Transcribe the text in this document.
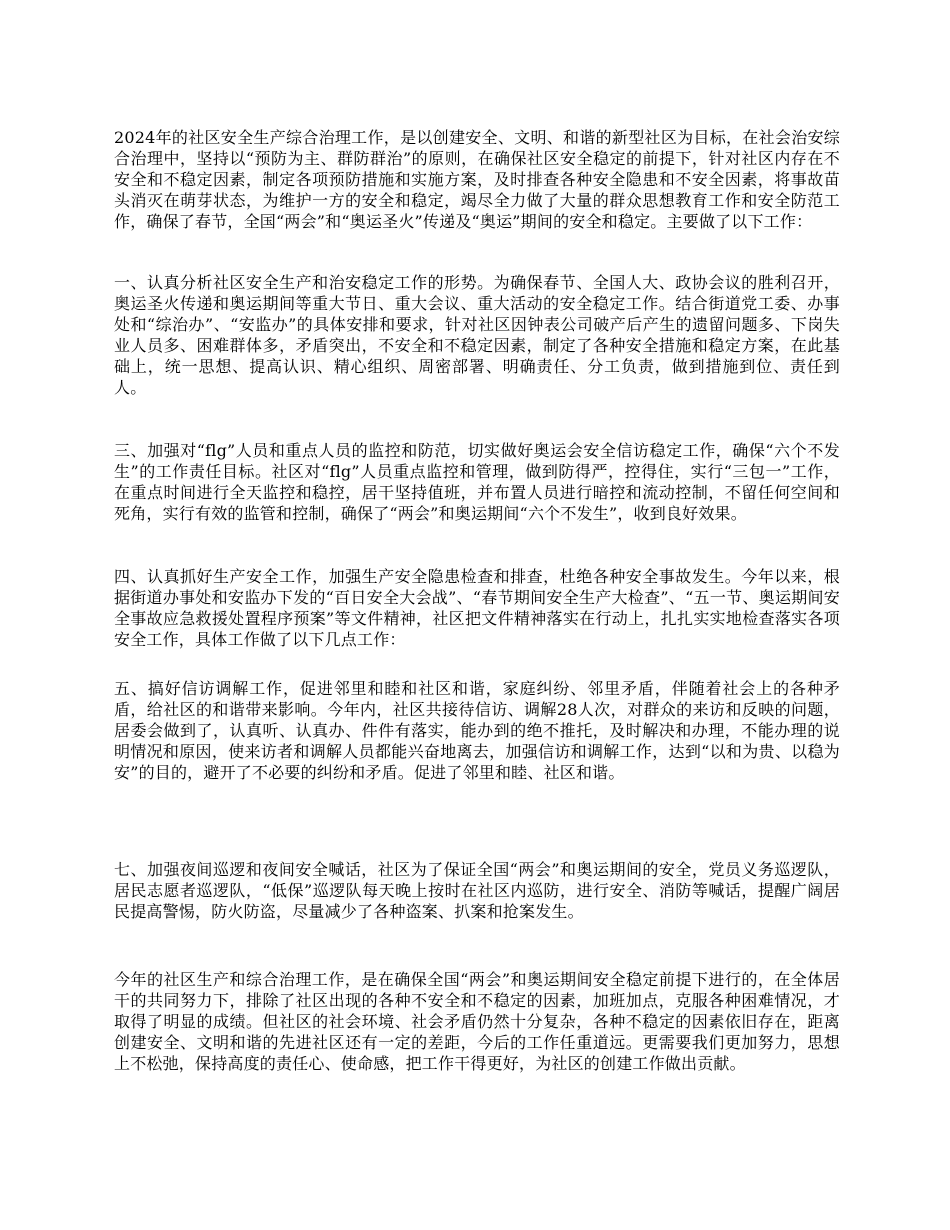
2024年的社区安全生产综合治理工作，是以创建安全、文明、和谐的新型社区为目标，在社会治安综合治理中，坚持以“预防为主、群防群治”的原则，在确保社区安全稳定的前提下，针对社区内存在不安全和不稳定因素，制定各项预防措施和实施方案，及时排查各种安全隐患和不安全因素，将事故苗头消灭在萌芽状态，为维护一方的安全和稳定，竭尽全力做了大量的群众思想教育工作和安全防范工作，确保了春节，全国“两会”和“奥运圣火”传递及“奥运”期间的安全和稳定。主要做了以下工作：

一、认真分析社区安全生产和治安稳定工作的形势。为确保春节、全国人大、政协会议的胜利召开，奥运圣火传递和奥运期间等重大节日、重大会议、重大活动的安全稳定工作。结合街道党工委、办事处和“综治办”、“安监办”的具体安排和要求，针对社区因钟表公司破产后产生的遗留问题多、下岗失业人员多、困难群体多，矛盾突出，不安全和不稳定因素，制定了各种安全措施和稳定方案，在此基础上，统一思想、提高认识、精心组织、周密部署、明确责任、分工负责，做到措施到位、责任到人。

三、加强对“flg”人员和重点人员的监控和防范，切实做好奥运会安全信访稳定工作，确保“六个不发生”的工作责任目标。社区对“flg”人员重点监控和管理，做到防得严，控得住，实行“三包一”工作，在重点时间进行全天监控和稳控，居干坚持值班，并布置人员进行暗控和流动控制，不留任何空间和死角，实行有效的监管和控制，确保了“两会”和奥运期间“六个不发生”，收到良好效果。

四、认真抓好生产安全工作，加强生产安全隐患检查和排查，杜绝各种安全事故发生。今年以来，根据街道办事处和安监办下发的“百日安全大会战”、“春节期间安全生产大检查”、“五一节、奥运期间安全事故应急救援处置程序预案”等文件精神，社区把文件精神落实在行动上，扎扎实实地检查落实各项安全工作，具体工作做了以下几点工作：

五、搞好信访调解工作，促进邻里和睦和社区和谐，家庭纠纷、邻里矛盾，伴随着社会上的各种矛盾，给社区的和谐带来影响。今年内，社区共接待信访、调解28人次，对群众的来访和反映的问题，居委会做到了，认真听、认真办、件件有落实，能办到的绝不推托，及时解决和办理，不能办理的说明情况和原因，使来访者和调解人员都能兴奋地离去，加强信访和调解工作，达到“以和为贵、以稳为安”的目的，避开了不必要的纠纷和矛盾。促进了邻里和睦、社区和谐。

七、加强夜间巡逻和夜间安全喊话，社区为了保证全国“两会”和奥运期间的安全，党员义务巡逻队，居民志愿者巡逻队，“低保”巡逻队每天晚上按时在社区内巡防，进行安全、消防等喊话，提醒广阔居民提高警惕，防火防盗，尽量减少了各种盗案、扒案和抢案发生。

今年的社区生产和综合治理工作，是在确保全国“两会”和奥运期间安全稳定前提下进行的，在全体居干的共同努力下，排除了社区出现的各种不安全和不稳定的因素，加班加点，克服各种困难情况，才取得了明显的成绩。但社区的社会环境、社会矛盾仍然十分复杂，各种不稳定的因素依旧存在，距离创建安全、文明和谐的先进社区还有一定的差距，今后的工作任重道远。更需要我们更加努力，思想上不松弛，保持高度的责任心、使命感，把工作干得更好，为社区的创建工作做出贡献。
